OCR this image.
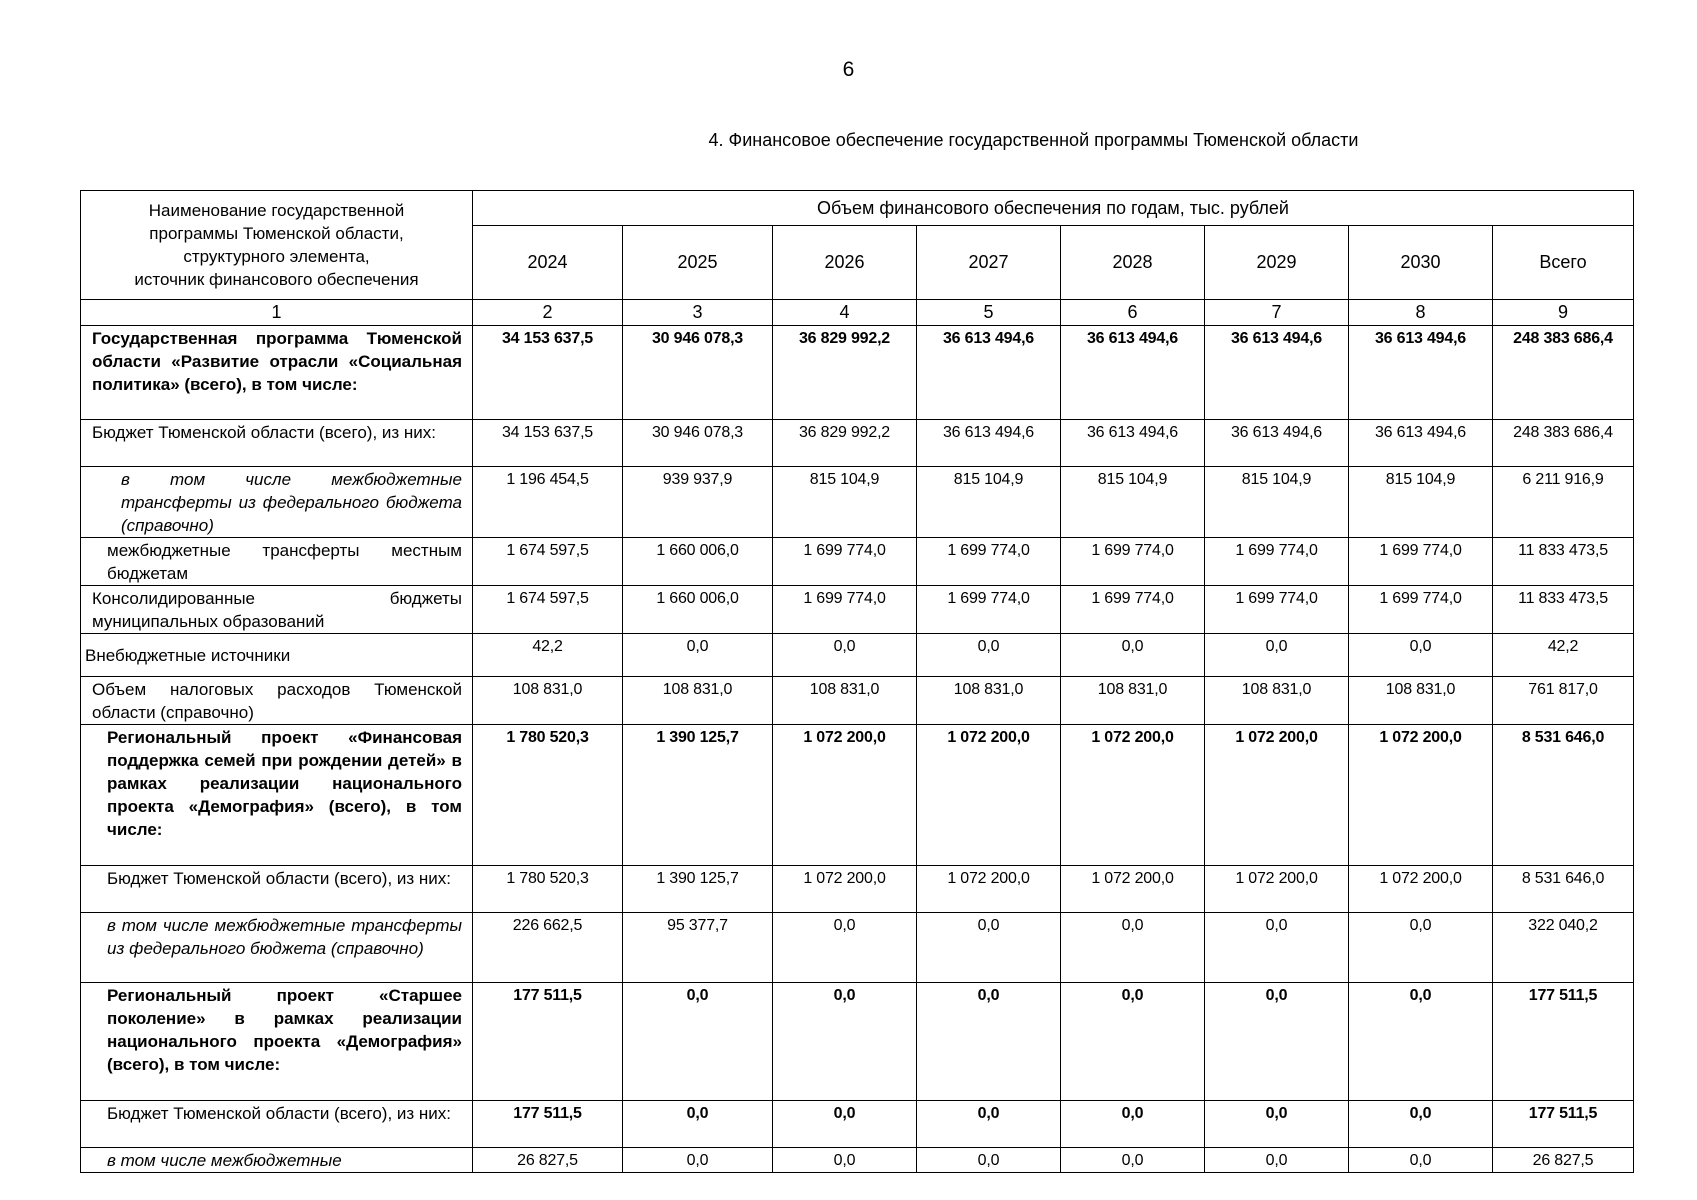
6
4. Финансовое обеспечение государственной программы Тюменской области
Наименование государственной
программы Тюменской области,
структурного элемента,
источник финансового обеспечения	Объем финансового обеспечения по годам, тыс. рублей							
	2024	2025	2026	2027	2028	2029	2030	Всего
1	2	3	4	5	6	7	8	9
Государственная программа Тюменской области «Развитие отрасли «Социальная политика» (всего), в том числе:	34 153 637,5	30 946 078,3	36 829 992,2	36 613 494,6	36 613 494,6	36 613 494,6	36 613 494,6	248 383 686,4
Бюджет Тюменской области (всего), из них:	34 153 637,5	30 946 078,3	36 829 992,2	36 613 494,6	36 613 494,6	36 613 494,6	36 613 494,6	248 383 686,4
в том числе межбюджетные трансферты из федерального бюджета (справочно)	1 196 454,5	939 937,9	815 104,9	815 104,9	815 104,9	815 104,9	815 104,9	6 211 916,9
межбюджетные трансферты местным бюджетам	1 674 597,5	1 660 006,0	1 699 774,0	1 699 774,0	1 699 774,0	1 699 774,0	1 699 774,0	11 833 473,5
Консолидированные бюджеты муниципальных образований	1 674 597,5	1 660 006,0	1 699 774,0	1 699 774,0	1 699 774,0	1 699 774,0	1 699 774,0	11 833 473,5
Внебюджетные источники	42,2	0,0	0,0	0,0	0,0	0,0	0,0	42,2
Объем налоговых расходов Тюменской области (справочно)	108 831,0	108 831,0	108 831,0	108 831,0	108 831,0	108 831,0	108 831,0	761 817,0
Региональный проект «Финансовая поддержка семей при рождении детей» в рамках реализации национального проекта «Демография» (всего), в том числе:	1 780 520,3	1 390 125,7	1 072 200,0	1 072 200,0	1 072 200,0	1 072 200,0	1 072 200,0	8 531 646,0
Бюджет Тюменской области (всего), из них:	1 780 520,3	1 390 125,7	1 072 200,0	1 072 200,0	1 072 200,0	1 072 200,0	1 072 200,0	8 531 646,0
в том числе межбюджетные трансферты из федерального бюджета (справочно)	226 662,5	95 377,7	0,0	0,0	0,0	0,0	0,0	322 040,2
Региональный проект «Старшее поколение» в рамках реализации национального проекта «Демография» (всего), в том числе:	177 511,5	0,0	0,0	0,0	0,0	0,0	0,0	177 511,5
Бюджет Тюменской области (всего), из них:	177 511,5	0,0	0,0	0,0	0,0	0,0	0,0	177 511,5
в том числе межбюджетные	26 827,5	0,0	0,0	0,0	0,0	0,0	0,0	26 827,5
